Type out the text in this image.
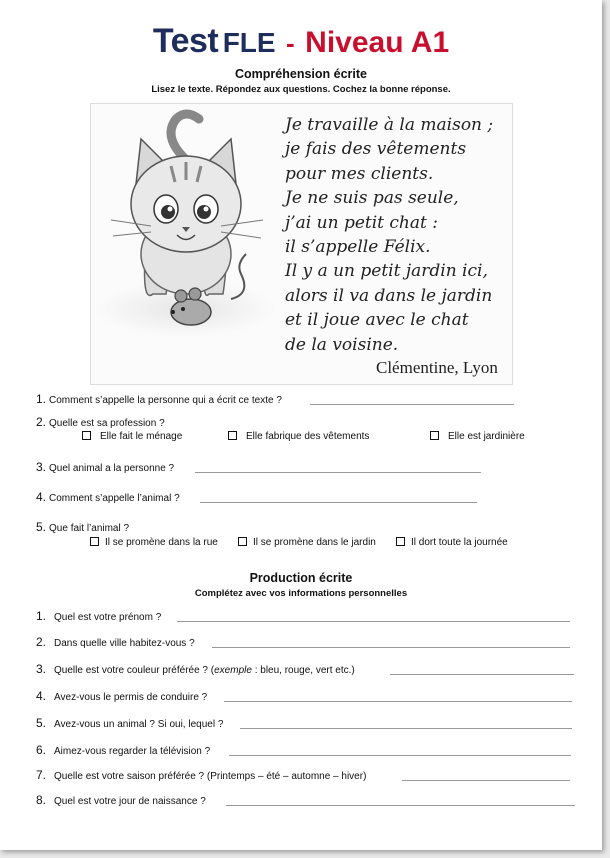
Test FLE - Niveau A1
Compréhension écrite
Lisez le texte. Répondez aux questions. Cochez la bonne réponse.
Je travaille à la maison ;
je fais des vêtements
pour mes clients.
Je ne suis pas seule,
j’ai un petit chat :
il s’appelle Félix.
Il y a un petit jardin ici,
alors il va dans le jardin
et il joue avec le chat
de la voisine.
Clémentine, Lyon
1. Comment s’appelle la personne qui a écrit ce texte ?
2. Quelle est sa profession ?
Elle fait le ménage	Elle fabrique des vêtements	Elle est jardinière
3. Quel animal a la personne ?
4. Comment s’appelle l’animal ?
5. Que fait l’animal ?
Il se promène dans la rue	Il se promène dans le jardin	Il dort toute la journée
Production écrite
Complétez avec vos informations personnelles
1. Quel est votre prénom ?
2. Dans quelle ville habitez-vous ?
3. Quelle est votre couleur préférée ? (exemple : bleu, rouge, vert etc.)
4. Avez-vous le permis de conduire ?
5. Avez-vous un animal ? Si oui, lequel ?
6. Aimez-vous regarder la télévision ?
7. Quelle est votre saison préférée ? (Printemps – été – automne – hiver)
8. Quel est votre jour de naissance ?
